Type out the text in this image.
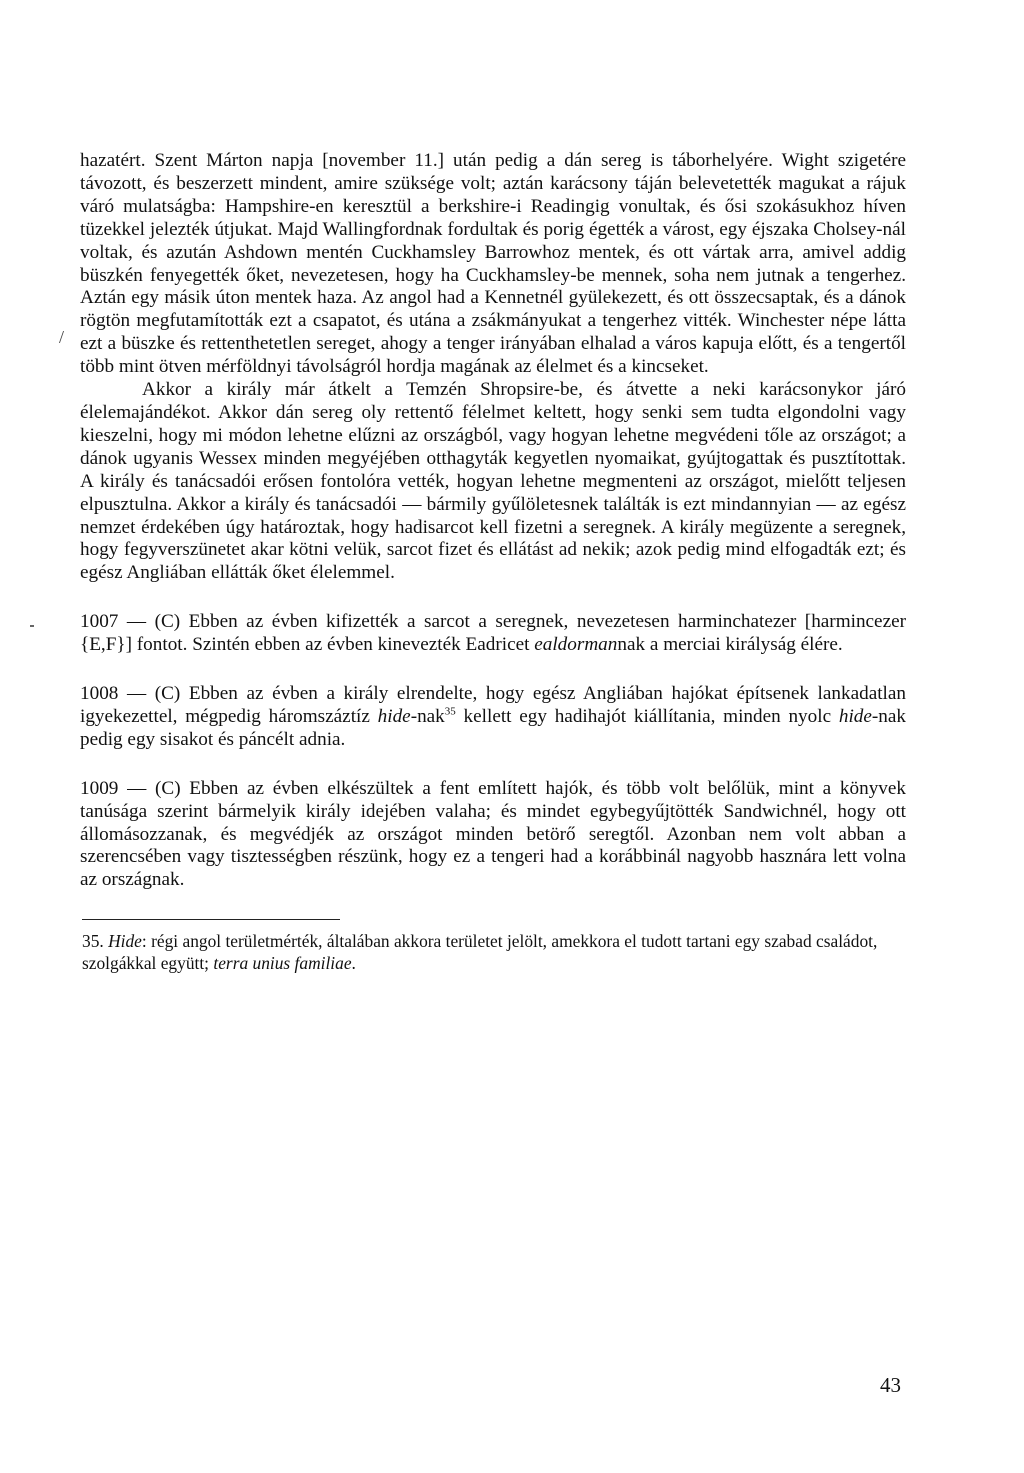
/

hazatért. Szent Márton napja [november 11.] után pedig a dán sereg is táborhelyére. Wight szigetére távozott, és beszerzett mindent, amire szüksége volt; aztán karácsony táján belevetették magukat a rájuk váró mulatságba: Hampshire-en keresztül a berkshire-i Readingig vonultak, és ősi szokásukhoz híven tüzekkel jelezték útjukat. Majd Wallingfordnak fordultak és porig égették a várost, egy éjszaka Cholsey-nál voltak, és azután Ashdown mentén Cuckhamsley Barrowhoz mentek, és ott vártak arra, amivel addig büszkén fenyegették őket, nevezetesen, hogy ha Cuckhamsley-be mennek, soha nem jutnak a tengerhez. Aztán egy másik úton mentek haza. Az angol had a Kennetnél gyülekezett, és ott összecsaptak, és a dánok rögtön megfutamították ezt a csapatot, és utána a zsákmányukat a tengerhez vitték. Winchester népe látta ezt a büszke és rettenthetetlen sereget, ahogy a tenger irányában elhalad a város kapuja előtt, és a tengertől több mint ötven mérföldnyi távolságról hordja magának az élelmet és a kincseket.

Akkor a király már átkelt a Temzén Shropsire-be, és átvette a neki karácsonykor járó élelemajándékot. Akkor dán sereg oly rettentő félelmet keltett, hogy senki sem tudta elgondolni vagy kieszelni, hogy mi módon lehetne elűzni az országból, vagy hogyan lehetne megvédeni tőle az országot; a dánok ugyanis Wessex minden megyéjében otthagyták kegyetlen nyomaikat, gyújtogattak és pusztítottak. A király és tanácsadói erősen fontolóra vették, hogyan lehetne megmenteni az országot, mielőtt teljesen elpusztulna. Akkor a király és tanácsadói — bármily gyűlöletesnek találták is ezt mindannyian — az egész nemzet érdekében úgy határoztak, hogy hadisarcot kell fizetni a seregnek. A király megüzente a seregnek, hogy fegyverszünetet akar kötni velük, sarcot fizet és ellátást ad nekik; azok pedig mind elfogadták ezt; és egész Angliában ellátták őket élelemmel.

1007 — (C) Ebben az évben kifizették a sarcot a seregnek, nevezetesen harminchatezer [harmincezer {E,F}] fontot. Szintén ebben az évben kinevezték Eadricet ealdormannak a merciai királyság élére.

1008 — (C) Ebben az évben a király elrendelte, hogy egész Angliában hajókat építsenek lankadatlan igyekezettel, mégpedig háromszáztíz hide-nak$^{35}$ kellett egy hadihajót kiállítania, minden nyolc hide-nak pedig egy sisakot és páncélt adnia.

1009 — (C) Ebben az évben elkészültek a fent említett hajók, és több volt belőlük, mint a könyvek tanúsága szerint bármelyik király idejében valaha; és mindet egybegyűjtötték Sandwichnél, hogy ott állomásozzanak, és megvédjék az országot minden betörő seregtől. Azonban nem volt abban a szerencsében vagy tisztességben részünk, hogy ez a tengeri had a korábbinál nagyobb hasznára lett volna az országnak.

35. Hide: régi angol területmérték, általában akkora területet jelölt, amekkora el tudott tartani egy szabad családot, szolgákkal együtt; terra unius familiae.

43
